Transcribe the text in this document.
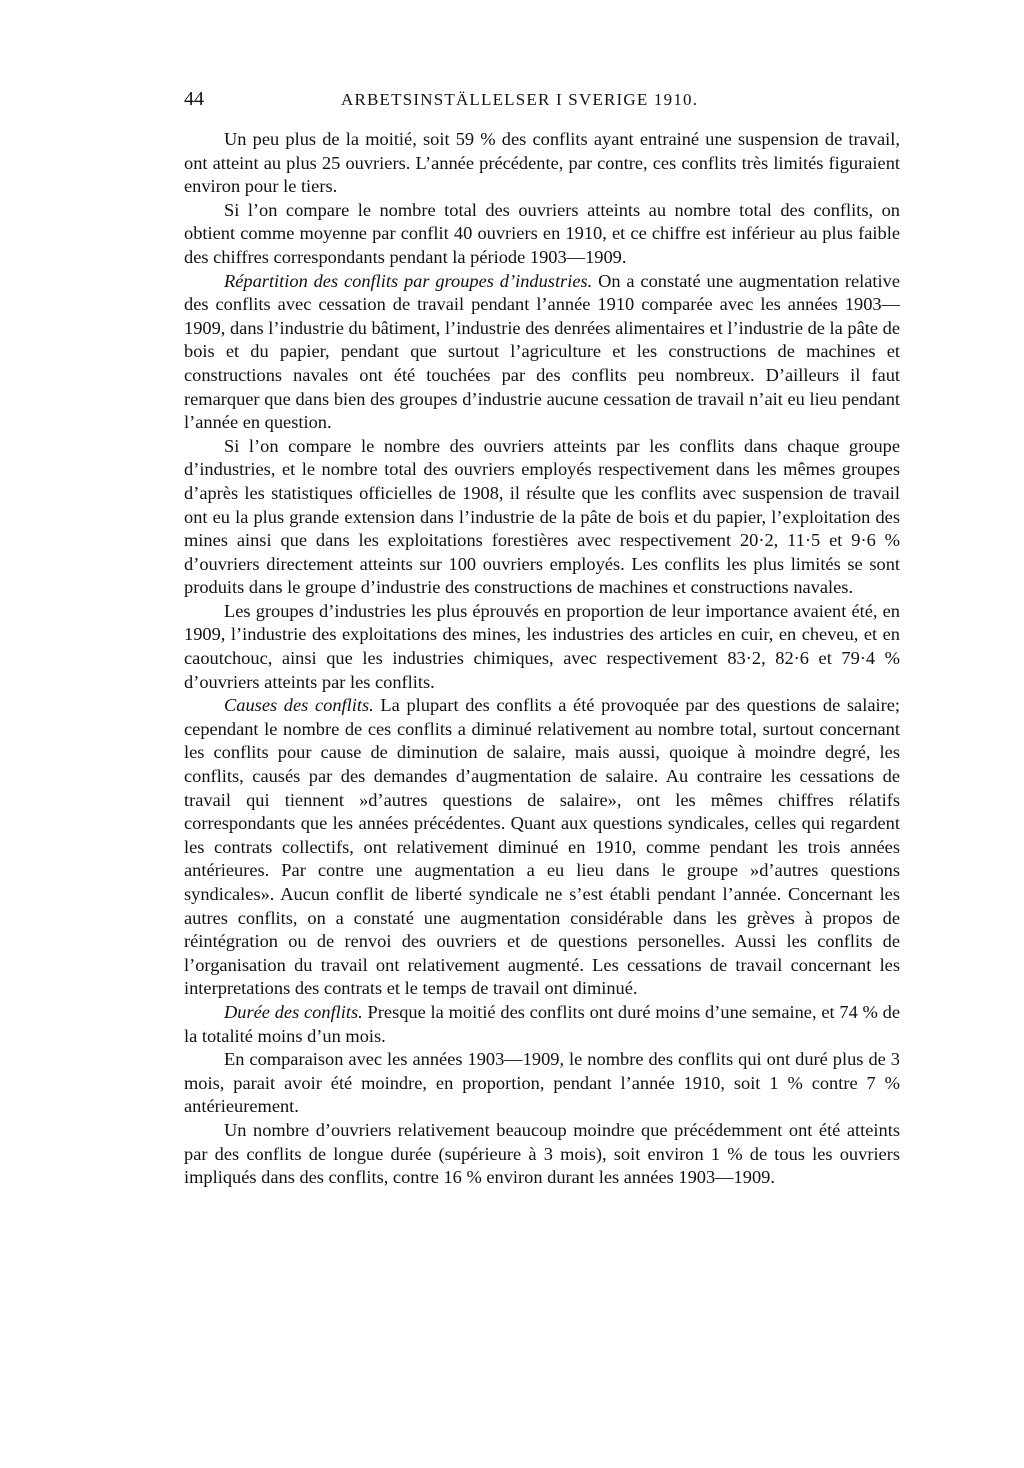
44	ARBETSINSTÄLLELSER I SVERIGE 1910.

Un peu plus de la moitié, soit 59 % des conflits ayant entrainé une suspension de travail, ont atteint au plus 25 ouvriers. L’année précédente, par contre, ces conflits très limités figuraient environ pour le tiers.

Si l’on compare le nombre total des ouvriers atteints au nombre total des conflits, on obtient comme moyenne par conflit 40 ouvriers en 1910, et ce chiffre est inférieur au plus faible des chiffres correspondants pendant la période 1903—1909.

Répartition des conflits par groupes d’industries. On a constaté une augmentation relative des conflits avec cessation de travail pendant l’année 1910 comparée avec les années 1903—1909, dans l’industrie du bâtiment, l’industrie des denrées alimentaires et l’industrie de la pâte de bois et du papier, pendant que surtout l’agriculture et les constructions de machines et constructions navales ont été touchées par des conflits peu nombreux. D’ailleurs il faut remarquer que dans bien des groupes d’industrie aucune cessation de travail n’ait eu lieu pendant l’année en question.

Si l’on compare le nombre des ouvriers atteints par les conflits dans chaque groupe d’industries, et le nombre total des ouvriers employés respectivement dans les mêmes groupes d’après les statistiques officielles de 1908, il résulte que les conflits avec suspension de travail ont eu la plus grande extension dans l’industrie de la pâte de bois et du papier, l’exploitation des mines ainsi que dans les exploitations forestières avec respectivement 20·2, 11·5 et 9·6 % d’ouvriers directement atteints sur 100 ouvriers employés. Les conflits les plus limités se sont produits dans le groupe d’industrie des constructions de machines et constructions navales.

Les groupes d’industries les plus éprouvés en proportion de leur importance avaient été, en 1909, l’industrie des exploitations des mines, les industries des articles en cuir, en cheveu, et en caoutchouc, ainsi que les industries chimiques, avec respectivement 83·2, 82·6 et 79·4 % d’ouvriers atteints par les conflits.

Causes des conflits. La plupart des conflits a été provoquée par des questions de salaire; cependant le nombre de ces conflits a diminué relativement au nombre total, surtout concernant les conflits pour cause de diminution de salaire, mais aussi, quoique à moindre degré, les conflits, causés par des demandes d’augmentation de salaire. Au contraire les cessations de travail qui tiennent »d’autres questions de salaire», ont les mêmes chiffres rélatifs correspondants que les années précédentes. Quant aux questions syndicales, celles qui regardent les contrats collectifs, ont relativement diminué en 1910, comme pendant les trois années antérieures. Par contre une augmentation a eu lieu dans le groupe »d’autres questions syndicales». Aucun conflit de liberté syndicale ne s’est établi pendant l’année. Concernant les autres conflits, on a constaté une augmentation considérable dans les grèves à propos de réintégration ou de renvoi des ouvriers et de questions personelles. Aussi les conflits de l’organisation du travail ont relativement augmenté. Les cessations de travail concernant les interpretations des contrats et le temps de travail ont diminué.

Durée des conflits. Presque la moitié des conflits ont duré moins d’une semaine, et 74 % de la totalité moins d’un mois.

En comparaison avec les années 1903—1909, le nombre des conflits qui ont duré plus de 3 mois, parait avoir été moindre, en proportion, pendant l’année 1910, soit 1 % contre 7 % antérieurement.

Un nombre d’ouvriers relativement beaucoup moindre que précédemment ont été atteints par des conflits de longue durée (supérieure à 3 mois), soit environ 1 % de tous les ouvriers impliqués dans des conflits, contre 16 % environ durant les années 1903—1909.
